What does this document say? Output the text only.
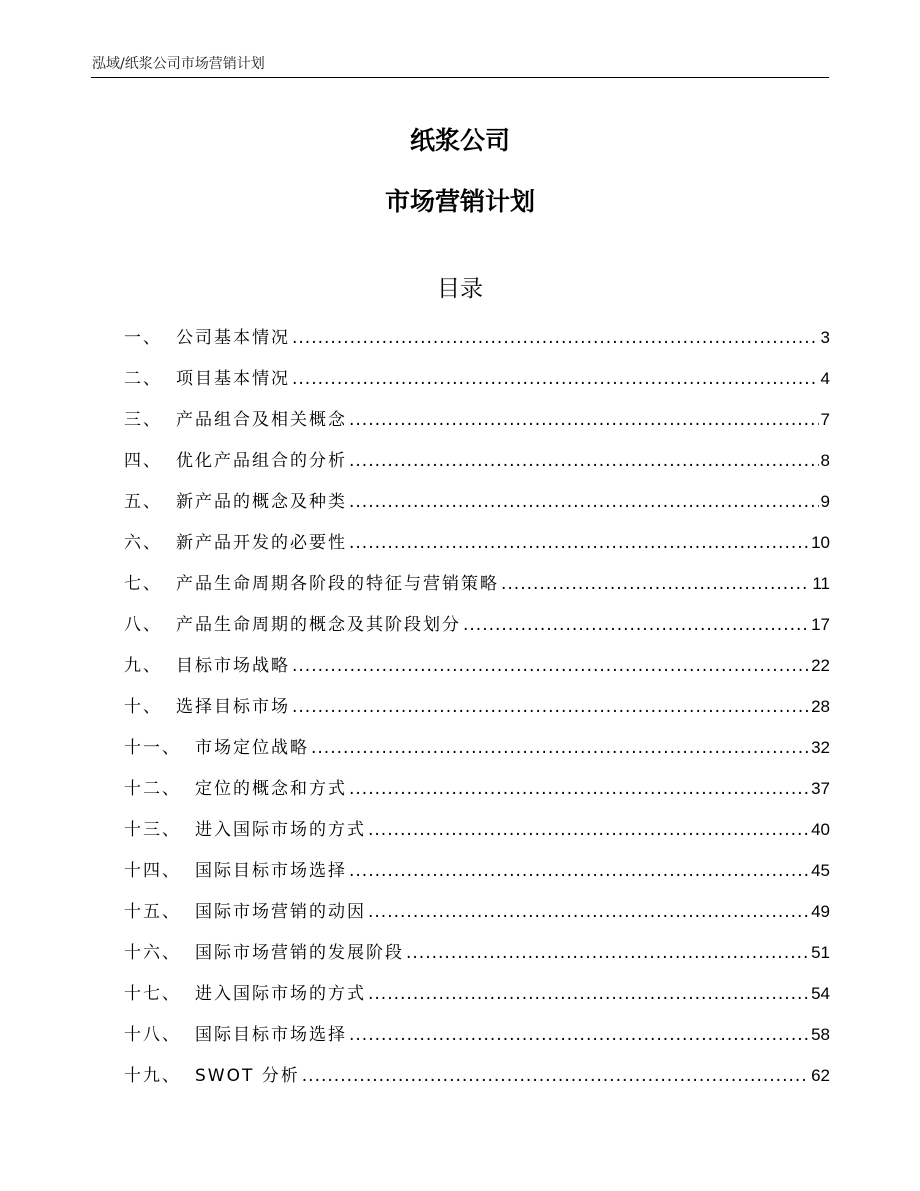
泓域/纸浆公司市场营销计划
纸浆公司
市场营销计划
目录
一、 公司基本情况 .....	3
二、 项目基本情况 .....	4
三、 产品组合及相关概念 .....	7
四、 优化产品组合的分析 .....	8
五、 新产品的概念及种类 .....	9
六、 新产品开发的必要性 .....	10
七、 产品生命周期各阶段的特征与营销策略 .....	11
八、 产品生命周期的概念及其阶段划分 .....	17
九、 目标市场战略 .....	22
十、 选择目标市场 .....	28
十一、 市场定位战略 .....	32
十二、 定位的概念和方式 .....	37
十三、 进入国际市场的方式 .....	40
十四、 国际目标市场选择 .....	45
十五、 国际市场营销的动因 .....	49
十六、 国际市场营销的发展阶段 .....	51
十七、 进入国际市场的方式 .....	54
十八、 国际目标市场选择 .....	58
十九、 SWOT 分析 .....	62
